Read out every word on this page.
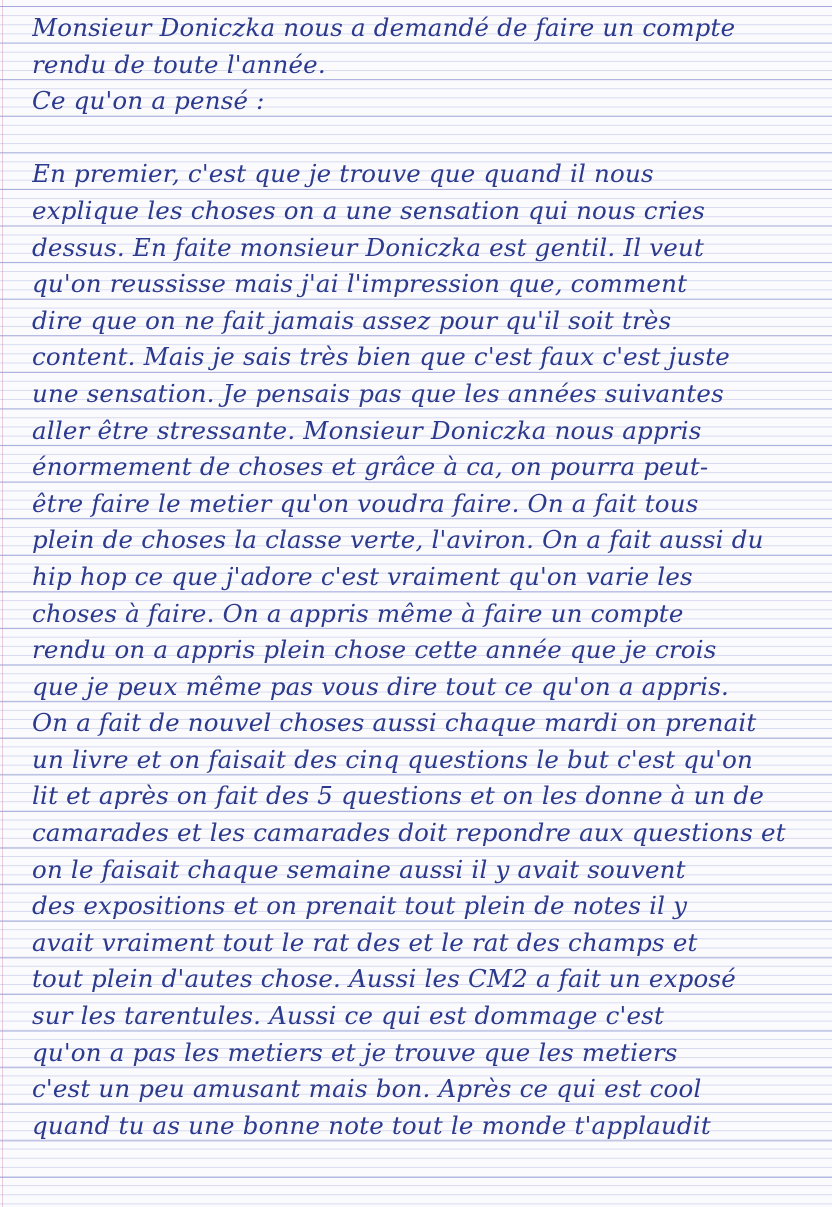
Monsieur Doniczka nous a demandé de faire un compte
rendu de toute l'année.
Ce qu'on a pensé :
En premier, c'est que je trouve que quand il nous
explique les choses on a une sensation qui nous cries
dessus. En faite monsieur Doniczka est gentil. Il veut
qu'on reussisse mais j'ai l'impression que, comment
dire que on ne fait jamais assez pour qu'il soit très
content. Mais je sais très bien que c'est faux c'est juste
une sensation. Je pensais pas que les années suivantes
aller être stressante. Monsieur Doniczka nous appris
énormement de choses et grâce à ca, on pourra peut-
être faire le metier qu'on voudra faire. On a fait tous
plein de choses la classe verte, l'aviron. On a fait aussi du
hip hop ce que j'adore c'est vraiment qu'on varie les
choses à faire. On a appris même à faire un compte
rendu on a appris plein chose cette année que je crois
que je peux même pas vous dire tout ce qu'on a appris.
On a fait de nouvel choses aussi chaque mardi on prenait
un livre et on faisait des cinq questions le but c'est qu'on
lit et après on fait des 5 questions et on les donne à un de
camarades et les camarades doit repondre aux questions et
on le faisait chaque semaine aussi il y avait souvent
des expositions et on prenait tout plein de notes il y
avait vraiment tout le rat des et le rat des champs et
tout plein d'autes chose. Aussi les CM2 a fait un exposé
sur les tarentules. Aussi ce qui est dommage c'est
qu'on a pas les metiers et je trouve que les metiers
c'est un peu amusant mais bon. Après ce qui est cool
quand tu as une bonne note tout le monde t'applaudit
